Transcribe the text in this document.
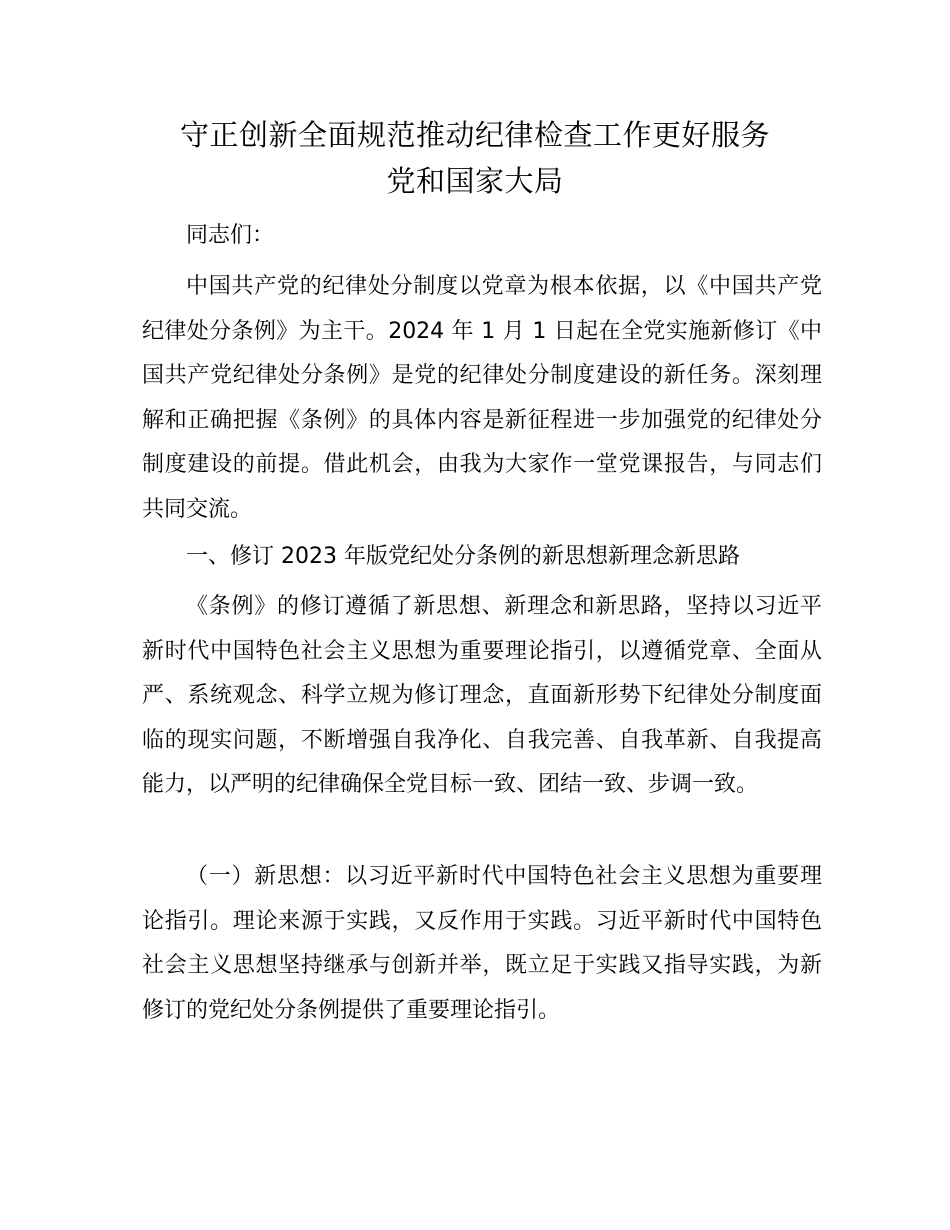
守正创新全面规范推动纪律检查工作更好服务
党和国家大局

同志们：

中国共产党的纪律处分制度以党章为根本依据，以《中国共产党纪律处分条例》为主干。2024 年 1 月 1 日起在全党实施新修订《中国共产党纪律处分条例》是党的纪律处分制度建设的新任务。深刻理解和正确把握《条例》的具体内容是新征程进一步加强党的纪律处分制度建设的前提。借此机会，由我为大家作一堂党课报告，与同志们共同交流。

一、修订 2023 年版党纪处分条例的新思想新理念新思路

《条例》的修订遵循了新思想、新理念和新思路，坚持以习近平新时代中国特色社会主义思想为重要理论指引，以遵循党章、全面从严、系统观念、科学立规为修订理念，直面新形势下纪律处分制度面临的现实问题，不断增强自我净化、自我完善、自我革新、自我提高能力，以严明的纪律确保全党目标一致、团结一致、步调一致。

（一）新思想：以习近平新时代中国特色社会主义思想为重要理论指引。理论来源于实践，又反作用于实践。习近平新时代中国特色社会主义思想坚持继承与创新并举，既立足于实践又指导实践，为新修订的党纪处分条例提供了重要理论指引。
